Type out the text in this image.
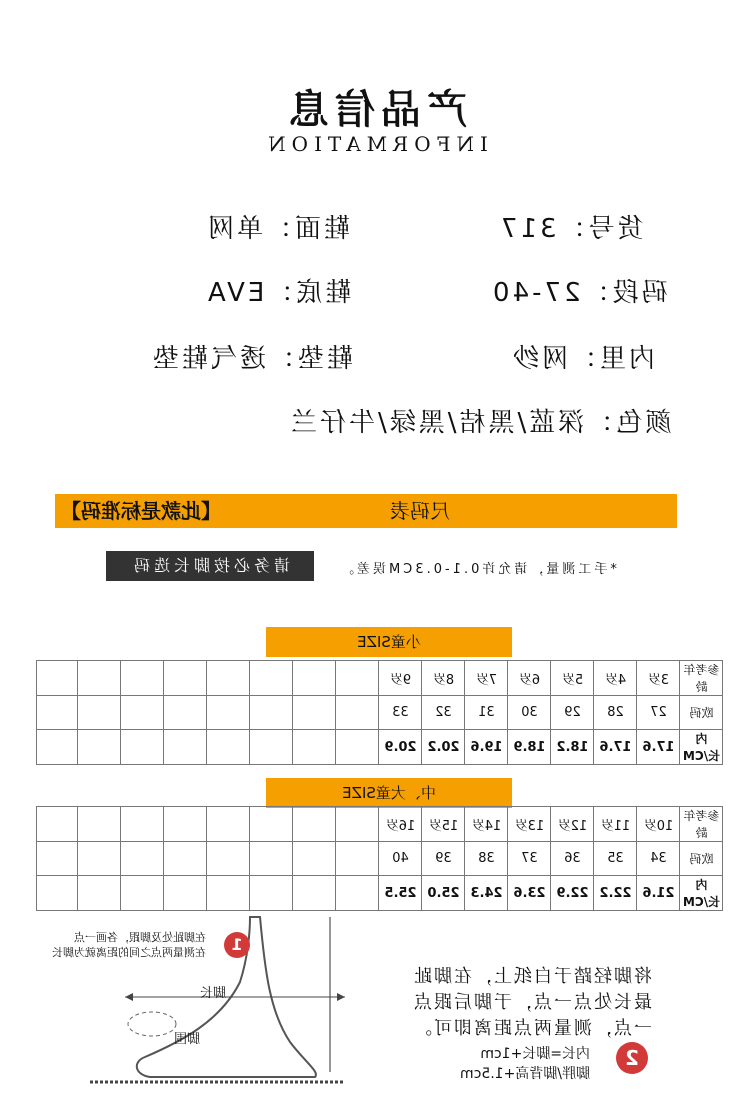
产品信息
INFORMATION
货号：317
鞋面：单网
码段：27-40
鞋底：EVA
内里：网纱
鞋垫：透气鞋垫
颜色：深蓝/黑桔/黑绿/牛仔兰
【此款是标准码】	尺码表
请务必按脚长选码	*手工测量，请允许0.1-0.3CM误差。
小童SIZE
								9岁	8岁	7岁	6岁	5岁	4岁	3岁	参考年龄
								33	32	31	30	29	28	27	欧码
								20.9	20.2	19.6	18.9	18.2	17.6	17.6	内长/CM
中、大童SIZE
								16岁	15岁	14岁	13岁	12岁	11岁	10岁	参考年龄
								40	39	38	37	36	35	34	欧码
								25.5	25.0	24.3	23.6	22.9	22.2	21.6	内长/CM
脚长
脚围
1
在脚趾处及脚跟，各画一点
在测量两点之间的距离就为脚长
将脚轻踏于白纸上，在脚趾
最长处点一点，于脚后跟点
一点，测量两点距离即可。
2
内长=脚长+1cm
脚胖/脚背高+1.5cm
